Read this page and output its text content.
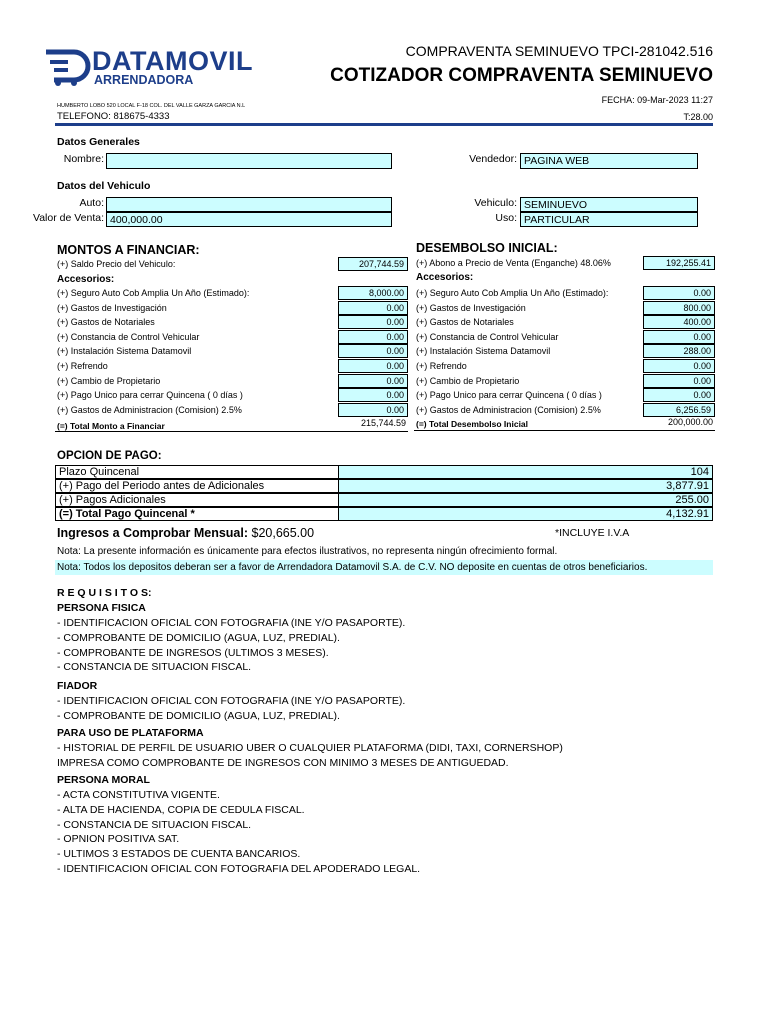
DATAMOVIL
ARRENDADORA
HUMBERTO LOBO 520 LOCAL F-18 COL. DEL VALLE GARZA GARCIA N.L
TELEFONO: 818675-4333
COMPRAVENTA SEMINUEVO TPCI-281042.516
COTIZADOR COMPRAVENTA SEMINUEVO
FECHA: 09-Mar-2023 11:27
T:28.00
Datos Generales
Nombre:	Vendedor: PAGINA WEB
Datos del Vehiculo
Auto:
Valor de Venta: 400,000.00
Vehiculo: SEMINUEVO
Uso: PARTICULAR
MONTOS A FINANCIAR:
(+) Saldo Precio del Vehiculo:	207,744.59
Accesorios:
(+) Seguro Auto Cob Amplia Un Año (Estimado):	8,000.00
(+) Gastos de Investigación	0.00
(+) Gastos de Notariales	0.00
(+) Constancia de Control Vehicular	0.00
(+) Instalación Sistema Datamovil	0.00
(+) Refrendo	0.00
(+) Cambio de Propietario	0.00
(+) Pago Unico para cerrar Quincena ( 0 días )	0.00
(+) Gastos de Administracion (Comision) 2.5%	0.00
(=) Total Monto a Financiar	215,744.59
DESEMBOLSO INICIAL:
(+) Abono a Precio de Venta (Enganche) 48.06%	192,255.41
Accesorios:
(+) Seguro Auto Cob Amplia Un Año (Estimado):	0.00
(+) Gastos de Investigación	800.00
(+) Gastos de Notariales	400.00
(+) Constancia de Control Vehicular	0.00
(+) Instalación Sistema Datamovil	288.00
(+) Refrendo	0.00
(+) Cambio de Propietario	0.00
(+) Pago Unico para cerrar Quincena ( 0 días )	0.00
(+) Gastos de Administracion (Comision) 2.5%	6,256.59
(=) Total Desembolso Inicial	200,000.00
OPCION DE PAGO:
Plazo Quincenal	104
(+) Pago del Periodo antes de Adicionales	3,877.91
(+) Pagos Adicionales	255.00
(=) Total Pago Quincenal *	4,132.91
Ingresos a Comprobar Mensual: $20,665.00	*INCLUYE I.V.A
Nota: La presente información es únicamente para efectos ilustrativos, no representa ningún ofrecimiento formal.
Nota: Todos los depositos deberan ser a favor de Arrendadora Datamovil S.A. de C.V. NO deposite en cuentas de otros beneficiarios.
R E Q U I S I T O S:
PERSONA FISICA
- IDENTIFICACION OFICIAL CON FOTOGRAFIA (INE Y/O PASAPORTE).
- COMPROBANTE DE DOMICILIO (AGUA, LUZ, PREDIAL).
- COMPROBANTE DE INGRESOS (ULTIMOS 3 MESES).
- CONSTANCIA DE SITUACION FISCAL.
FIADOR
- IDENTIFICACION OFICIAL CON FOTOGRAFIA (INE Y/O PASAPORTE).
- COMPROBANTE DE DOMICILIO (AGUA, LUZ, PREDIAL).
PARA USO DE PLATAFORMA
- HISTORIAL DE PERFIL DE USUARIO UBER O CUALQUIER PLATAFORMA (DIDI, TAXI, CORNERSHOP)
IMPRESA COMO COMPROBANTE DE INGRESOS CON MINIMO 3 MESES DE ANTIGUEDAD.
PERSONA MORAL
- ACTA CONSTITUTIVA VIGENTE.
- ALTA DE HACIENDA, COPIA DE CEDULA FISCAL.
- CONSTANCIA DE SITUACION FISCAL.
- OPNION POSITIVA SAT.
- ULTIMOS 3 ESTADOS DE CUENTA BANCARIOS.
- IDENTIFICACION OFICIAL CON FOTOGRAFIA DEL APODERADO LEGAL.
